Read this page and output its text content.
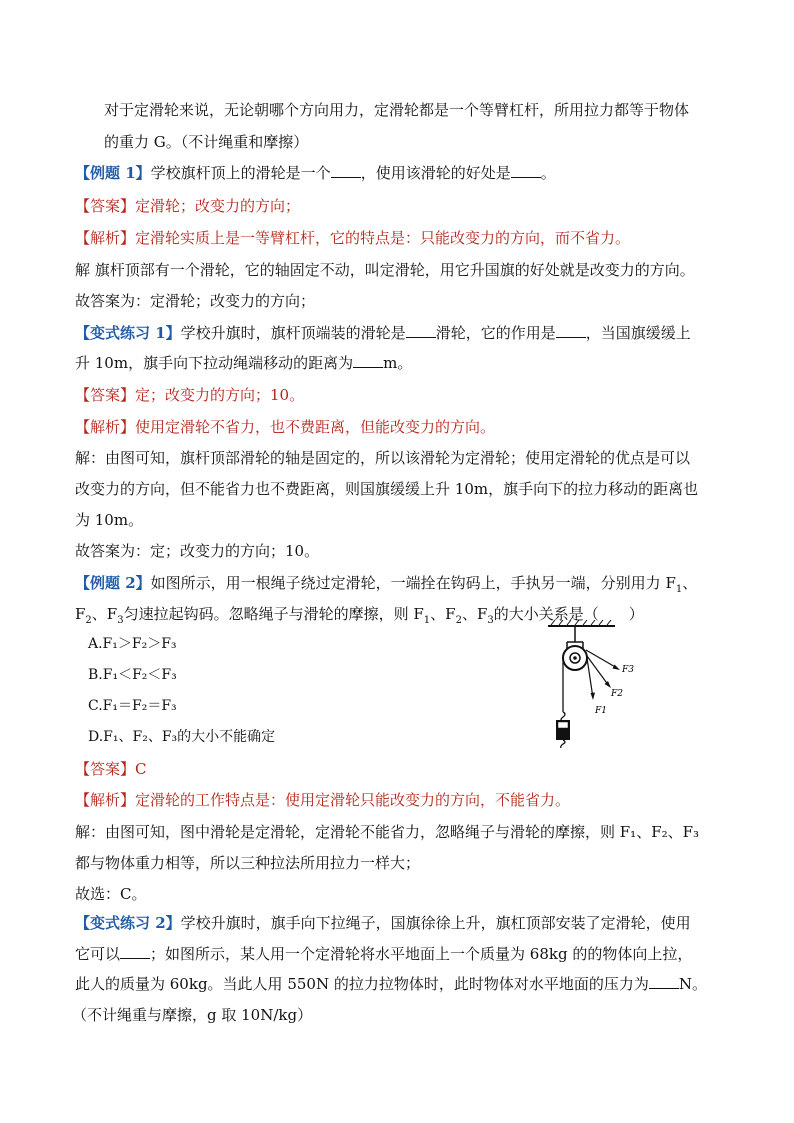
对于定滑轮来说，无论朝哪个方向用力，定滑轮都是一个等臂杠杆，所用拉力都等于物体
的重力 G。（不计绳重和摩擦）
【例题 1】学校旗杆顶上的滑轮是一个 ，使用该滑轮的好处是 。
【答案】定滑轮；改变力的方向；
【解析】定滑轮实质上是一等臂杠杆，它的特点是：只能改变力的方向，而不省力。
解 旗杆顶部有一个滑轮，它的轴固定不动，叫定滑轮，用它升国旗的好处就是改变力的方向。
故答案为：定滑轮；改变力的方向；
【变式练习 1】学校升旗时，旗杆顶端装的滑轮是 滑轮，它的作用是 ，当国旗缓缓上
升 10m，旗手向下拉动绳端移动的距离为 m。
【答案】定；改变力的方向；10。
【解析】使用定滑轮不省力，也不费距离，但能改变力的方向。
解：由图可知，旗杆顶部滑轮的轴是固定的，所以该滑轮为定滑轮；使用定滑轮的优点是可以
改变力的方向，但不能省力也不费距离，则国旗缓缓上升 10m，旗手向下的拉力移动的距离也
为 10m。
故答案为：定；改变力的方向；10。
【例题 2】如图所示，用一根绳子绕过定滑轮，一端拴在钩码上，手执另一端，分别用力 $F_1$、
$F_2$、$F_3$匀速拉起钩码。忽略绳子与滑轮的摩擦，则 $F_1$、$F_2$、$F_3$的大小关系是（　　）
A.F₁＞F₂＞F₃
B.F₁＜F₂＜F₃
C.F₁＝F₂＝F₃
D.F₁、F₂、F₃的大小不能确定
F1
F2
F3
【答案】C
【解析】定滑轮的工作特点是：使用定滑轮只能改变力的方向，不能省力。
解：由图可知，图中滑轮是定滑轮，定滑轮不能省力，忽略绳子与滑轮的摩擦，则 F₁、F₂、F₃
都与物体重力相等，所以三种拉法所用拉力一样大；
故选：C。
【变式练习 2】学校升旗时，旗手向下拉绳子，国旗徐徐上升，旗杠顶部安装了定滑轮，使用
它可以 ；如图所示，某人用一个定滑轮将水平地面上一个质量为 68kg 的的物体向上拉，
此人的质量为 60kg。当此人用 550N 的拉力拉物体时，此时物体对水平地面的压力为 N。
（不计绳重与摩擦，g 取 10N/kg）
